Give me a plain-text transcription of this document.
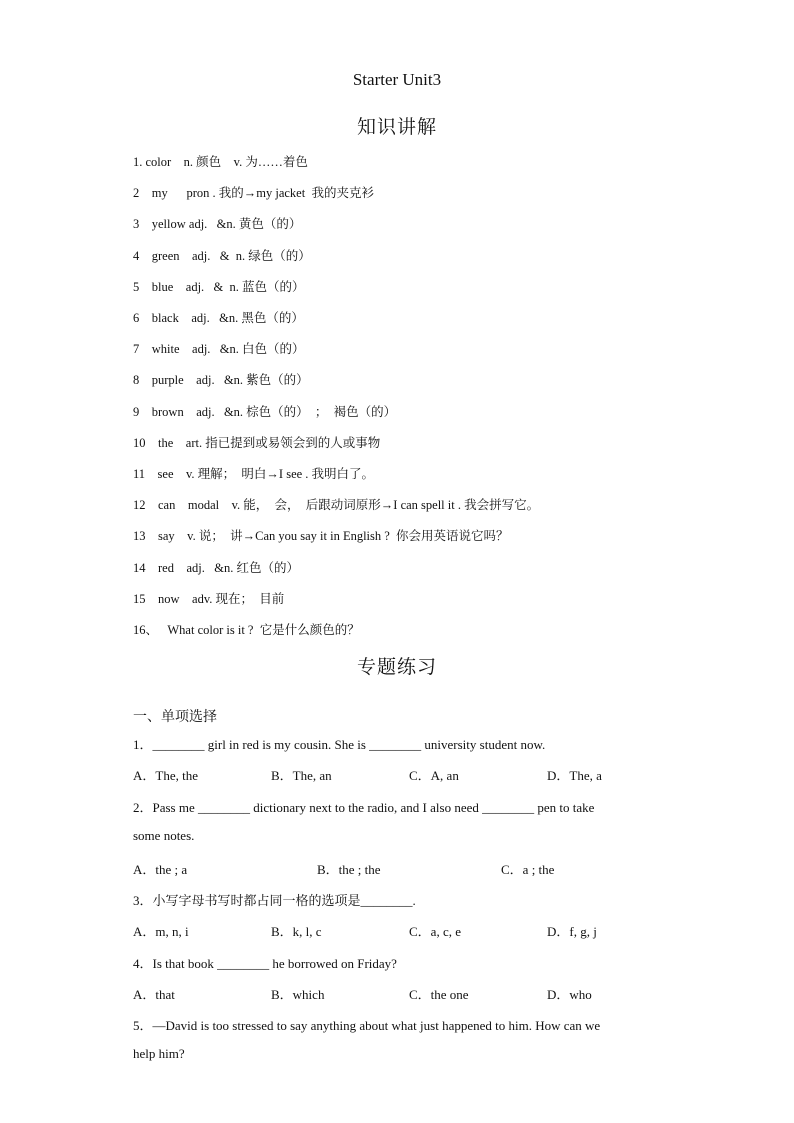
Starter Unit3
知识讲解
1. color    n. 颜色    v. 为……着色
2    my      pron . 我的→my jacket  我的夹克衫
3    yellow adj.   &n. 黄色（的）
4    green    adj.   &  n. 绿色（的）
5    blue    adj.   &  n. 蓝色（的）
6    black    adj.   &n. 黑色（的）
7    white    adj.   &n. 白色（的）
8    purple    adj.   &n. 紫色（的）
9    brown    adj.   &n. 棕色（的）  ；  褐色（的）
10    the    art. 指已提到或易领会到的人或事物
11    see    v. 理解；  明白→I see . 我明白了。
12    can    modal    v. 能，  会，  后跟动词原形→I can spell it . 我会拼写它。
13    say    v. 说；  讲→Can you say it in English ?  你会用英语说它吗？
14    red    adj.   &n. 红色（的）
15    now    adv. 现在；  目前
16、   What color is it ?  它是什么颜色的？
专题练习
一、单项选择
1．________ girl in red is my cousin. She is ________ university student now.
A．The, the	B．The, an	C．A, an	D．The, a
2．Pass me ________ dictionary next to the radio, and I also need ________ pen to take
some notes.
A．the ; a	B．the ; the	C．a ; the
3．小写字母书写时都占同一格的选项是________.
A．m, n, i	B．k, l, c	C．a, c, e	D．f, g, j
4．Is that book ________ he borrowed on Friday?
A．that	B．which	C．the one	D．who
5．—David is too stressed to say anything about what just happened to him. How can we
help him?
